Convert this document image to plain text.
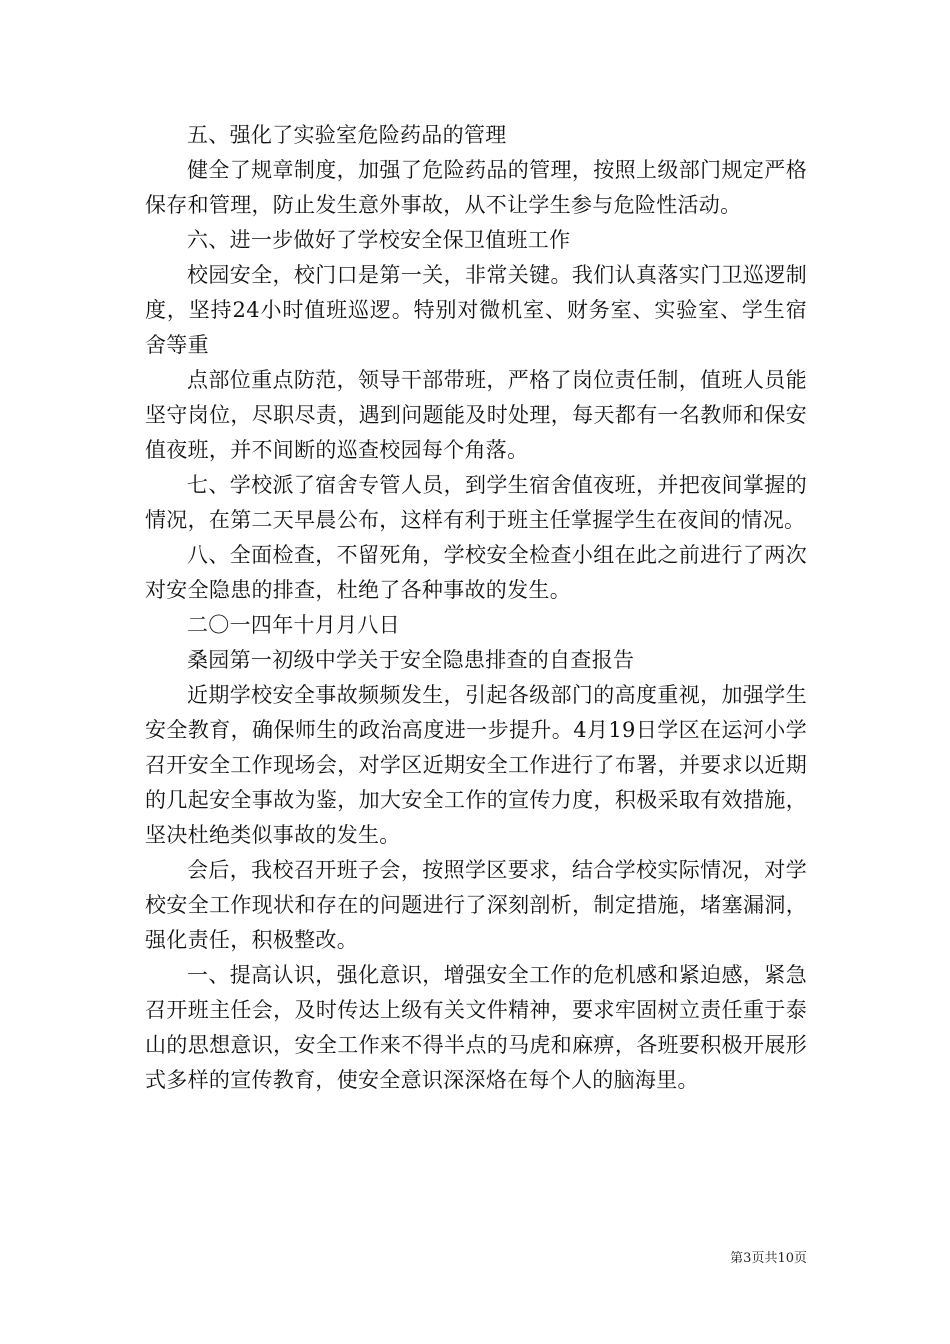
五、强化了实验室危险药品的管理

健全了规章制度，加强了危险药品的管理，按照上级部门规定严格保存和管理，防止发生意外事故，从不让学生参与危险性活动。

六、进一步做好了学校安全保卫值班工作

校园安全，校门口是第一关，非常关键。我们认真落实门卫巡逻制度，坚持24小时值班巡逻。特别对微机室、财务室、实验室、学生宿舍等重

点部位重点防范，领导干部带班，严格了岗位责任制，值班人员能坚守岗位，尽职尽责，遇到问题能及时处理，每天都有一名教师和保安值夜班，并不间断的巡查校园每个角落。

七、学校派了宿舍专管人员，到学生宿舍值夜班，并把夜间掌握的情况，在第二天早晨公布，这样有利于班主任掌握学生在夜间的情况。

八、全面检查，不留死角，学校安全检查小组在此之前进行了两次对安全隐患的排查，杜绝了各种事故的发生。

二〇一四年十月月八日

桑园第一初级中学关于安全隐患排查的自查报告

近期学校安全事故频频发生，引起各级部门的高度重视，加强学生安全教育，确保师生的政治高度进一步提升。4月19日学区在运河小学召开安全工作现场会，对学区近期安全工作进行了布署，并要求以近期的几起安全事故为鉴，加大安全工作的宣传力度，积极采取有效措施，坚决杜绝类似事故的发生。

会后，我校召开班子会，按照学区要求，结合学校实际情况，对学校安全工作现状和存在的问题进行了深刻剖析，制定措施，堵塞漏洞，强化责任，积极整改。

一、提高认识，强化意识，增强安全工作的危机感和紧迫感，紧急召开班主任会，及时传达上级有关文件精神，要求牢固树立责任重于泰山的思想意识，安全工作来不得半点的马虎和麻痹，各班要积极开展形式多样的宣传教育，使安全意识深深烙在每个人的脑海里。

第3页共10页
